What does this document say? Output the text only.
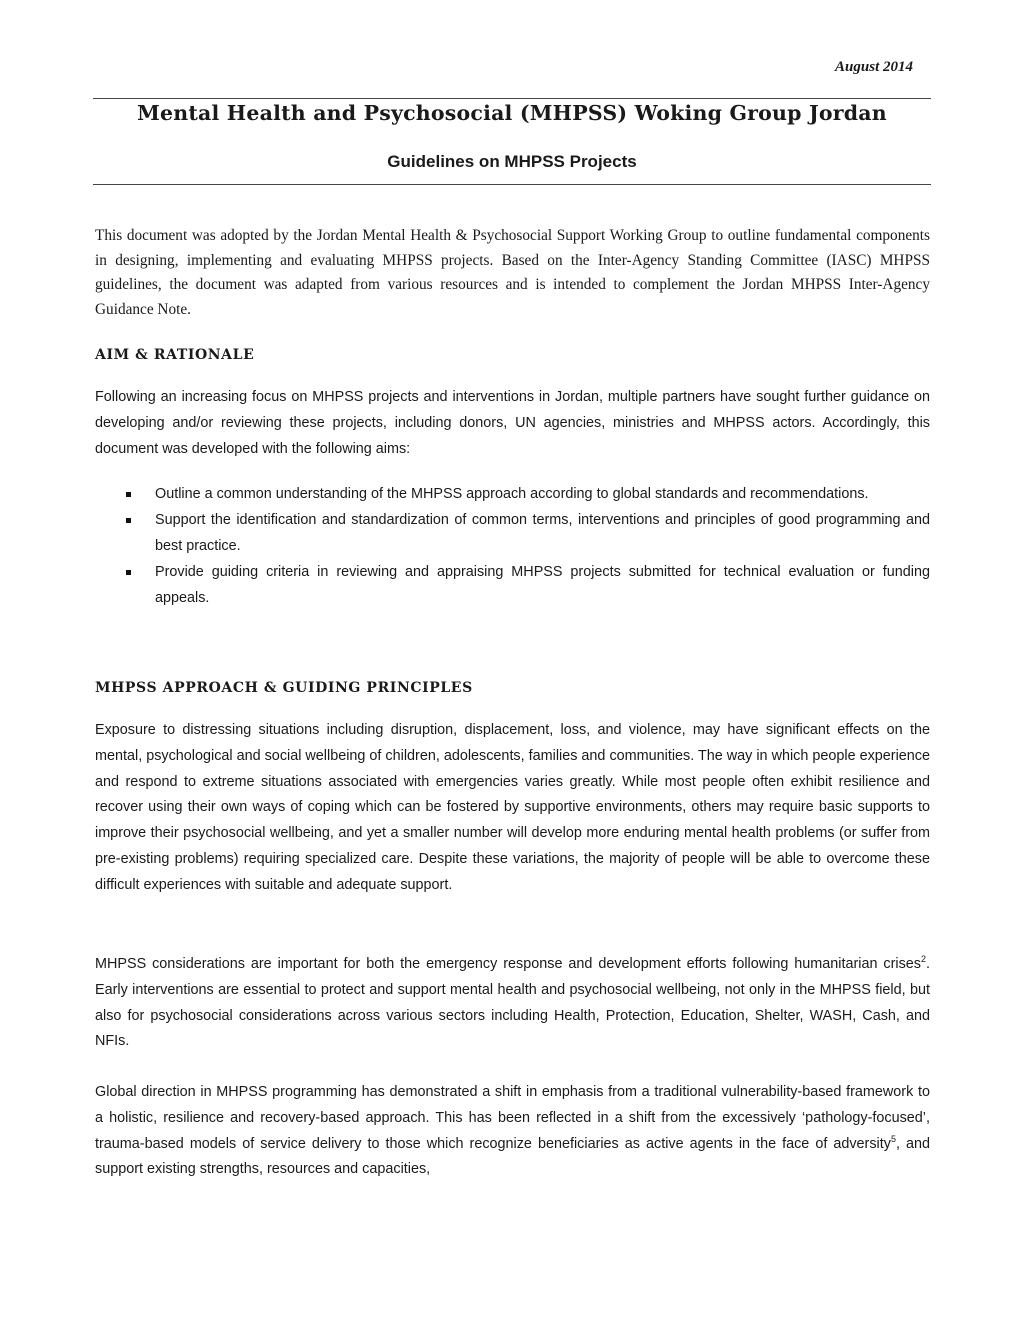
August 2014
Mental Health and Psychosocial (MHPSS) Woking Group Jordan
Guidelines on MHPSS Projects

This document was adopted by the Jordan Mental Health & Psychosocial Support Working Group to outline fundamental components in designing, implementing and evaluating MHPSS projects. Based on the Inter-Agency Standing Committee (IASC) MHPSS guidelines, the document was adapted from various resources and is intended to complement the Jordan MHPSS Inter-Agency Guidance Note.

AIM & RATIONALE

Following an increasing focus on MHPSS projects and interventions in Jordan, multiple partners have sought further guidance on developing and/or reviewing these projects, including donors, UN agencies, ministries and MHPSS actors. Accordingly, this document was developed with the following aims:

Outline a common understanding of the MHPSS approach according to global standards and recommendations.
Support the identification and standardization of common terms, interventions and principles of good programming and best practice.
Provide guiding criteria in reviewing and appraising MHPSS projects submitted for technical evaluation or funding appeals.
MHPSS APPROACH & GUIDING PRINCIPLES

Exposure to distressing situations including disruption, displacement, loss, and violence, may have significant effects on the mental, psychological and social wellbeing of children, adolescents, families and communities. The way in which people experience and respond to extreme situations associated with emergencies varies greatly. While most people often exhibit resilience and recover using their own ways of coping which can be fostered by supportive environments, others may require basic supports to improve their psychosocial wellbeing, and yet a smaller number will develop more enduring mental health problems (or suffer from pre-existing problems) requiring specialized care. Despite these variations, the majority of people will be able to overcome these difficult experiences with suitable and adequate support.

MHPSS considerations are important for both the emergency response and development efforts following humanitarian crises$^2$. Early interventions are essential to protect and support mental health and psychosocial wellbeing, not only in the MHPSS field, but also for psychosocial considerations across various sectors including Health, Protection, Education, Shelter, WASH, Cash, and NFIs.

Global direction in MHPSS programming has demonstrated a shift in emphasis from a traditional vulnerability-based framework to a holistic, resilience and recovery-based approach. This has been reflected in a shift from the excessively ‘pathology-focused’, trauma-based models of service delivery to those which recognize beneficiaries as active agents in the face of adversity$^5$, and support existing strengths, resources and capacities,
